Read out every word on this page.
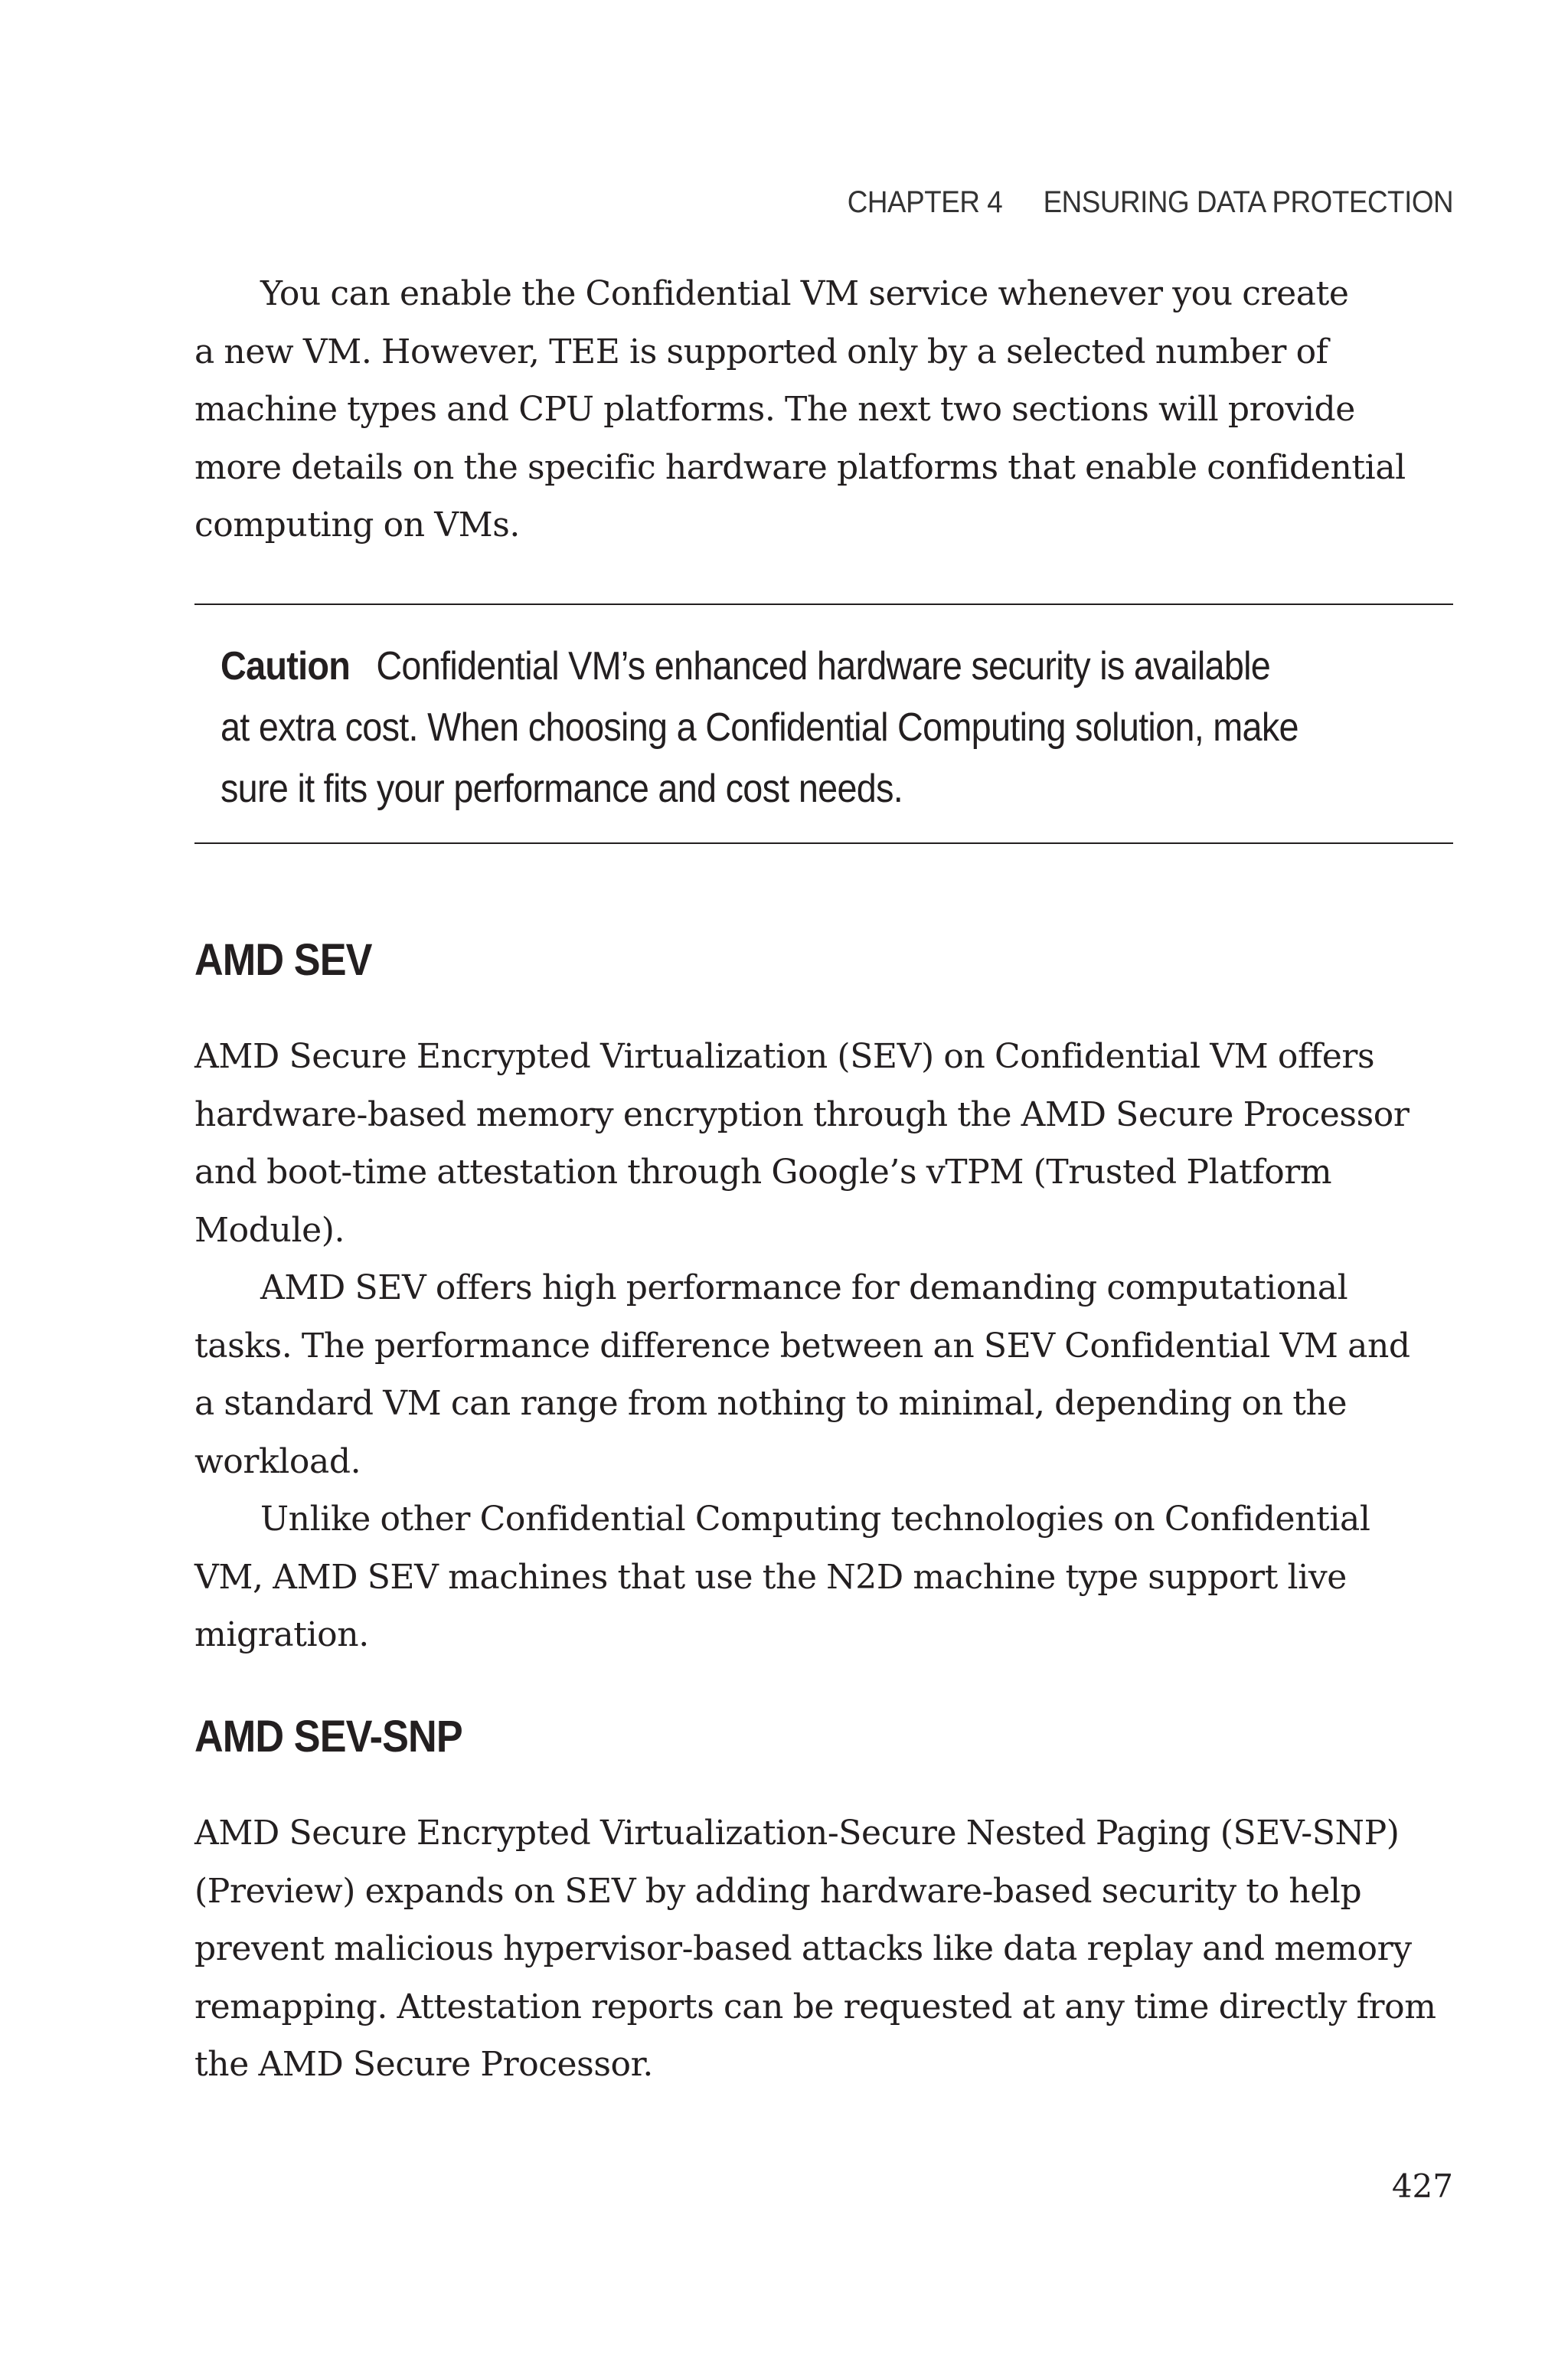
CHAPTER 4 ENSURING DATA PROTECTION

You can enable the Confidential VM service whenever you create
a new VM. However, TEE is supported only by a selected number of
machine types and CPU platforms. The next two sections will provide
more details on the specific hardware platforms that enable confidential
computing on VMs.

Caution Confidential VM’s enhanced hardware security is available
at extra cost. When choosing a Confidential Computing solution, make
sure it fits your performance and cost needs.
AMD SEV

AMD Secure Encrypted Virtualization (SEV) on Confidential VM offers
hardware-based memory encryption through the AMD Secure Processor
and boot-time attestation through Google’s vTPM (Trusted Platform
Module).

AMD SEV offers high performance for demanding computational
tasks. The performance difference between an SEV Confidential VM and
a standard VM can range from nothing to minimal, depending on the
workload.

Unlike other Confidential Computing technologies on Confidential
VM, AMD SEV machines that use the N2D machine type support live
migration.

AMD SEV-SNP

AMD Secure Encrypted Virtualization-Secure Nested Paging (SEV-SNP)
(Preview) expands on SEV by adding hardware-based security to help
prevent malicious hypervisor-based attacks like data replay and memory
remapping. Attestation reports can be requested at any time directly from
the AMD Secure Processor.

427
